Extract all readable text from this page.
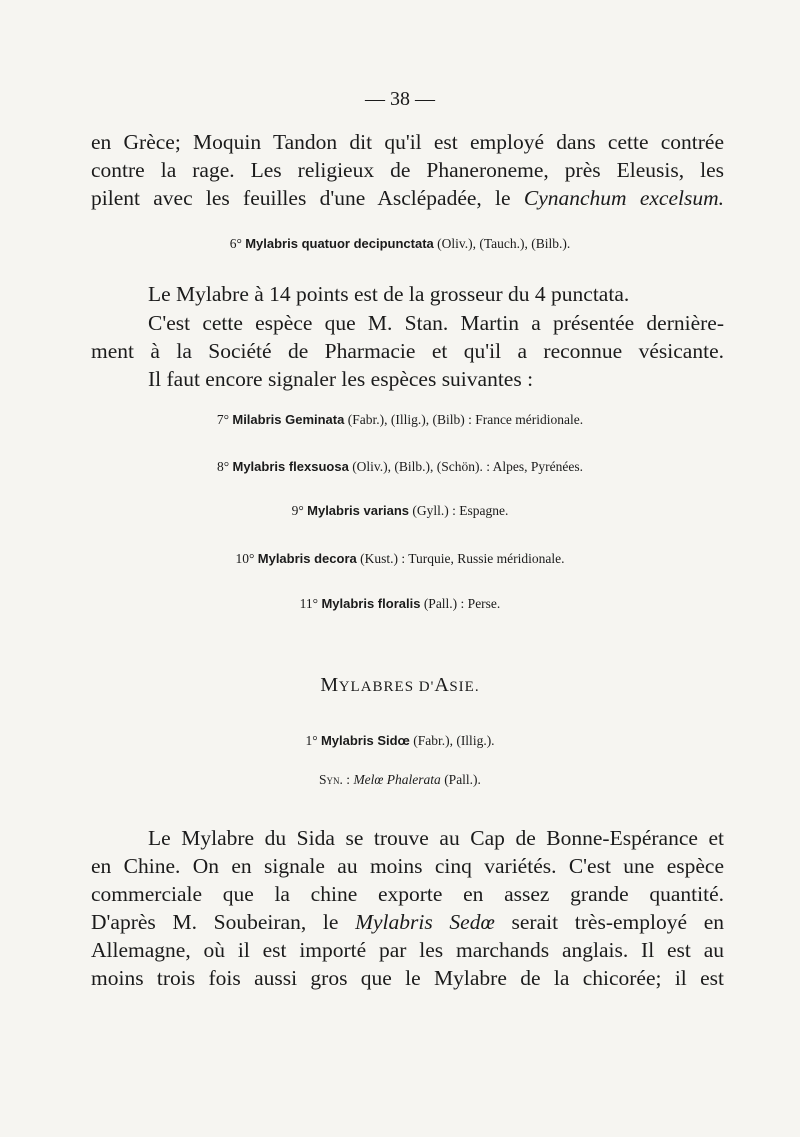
— 38 —
en Grèce; Moquin Tandon dit qu'il est employé dans cette contrée
contre la rage. Les religieux de Phaneroneme, près Eleusis, les
pilent avec les feuilles d'une Asclépadée, le Cynanchum excelsum.
6° Mylabris quatuor decipunctata (Oliv.), (Tauch.), (Bilb.).
Le Mylabre à 14 points est de la grosseur du 4 punctata.
C'est cette espèce que M. Stan. Martin a présentée dernière-
ment à la Société de Pharmacie et qu'il a reconnue vésicante.
Il faut encore signaler les espèces suivantes :
7° Milabris Geminata (Fabr.), (Illig.), (Bilb) : France méridionale.
8° Mylabris flexsuosa (Oliv.), (Bilb.), (Schön). : Alpes, Pyrénées.
9° Mylabris varians (Gyll.) : Espagne.
10° Mylabris decora (Kust.) : Turquie, Russie méridionale.
11° Mylabris floralis (Pall.) : Perse.
MYLABRES D'ASIE.
1° Mylabris Sidœ (Fabr.), (Illig.).
Syn. : Melœ Phalerata (Pall.).
Le Mylabre du Sida se trouve au Cap de Bonne-Espérance et
en Chine. On en signale au moins cinq variétés. C'est une espèce
commerciale que la chine exporte en assez grande quantité.
D'après M. Soubeiran, le Mylabris Sedœ serait très-employé en
Allemagne, où il est importé par les marchands anglais. Il est au
moins trois fois aussi gros que le Mylabre de la chicorée; il est
